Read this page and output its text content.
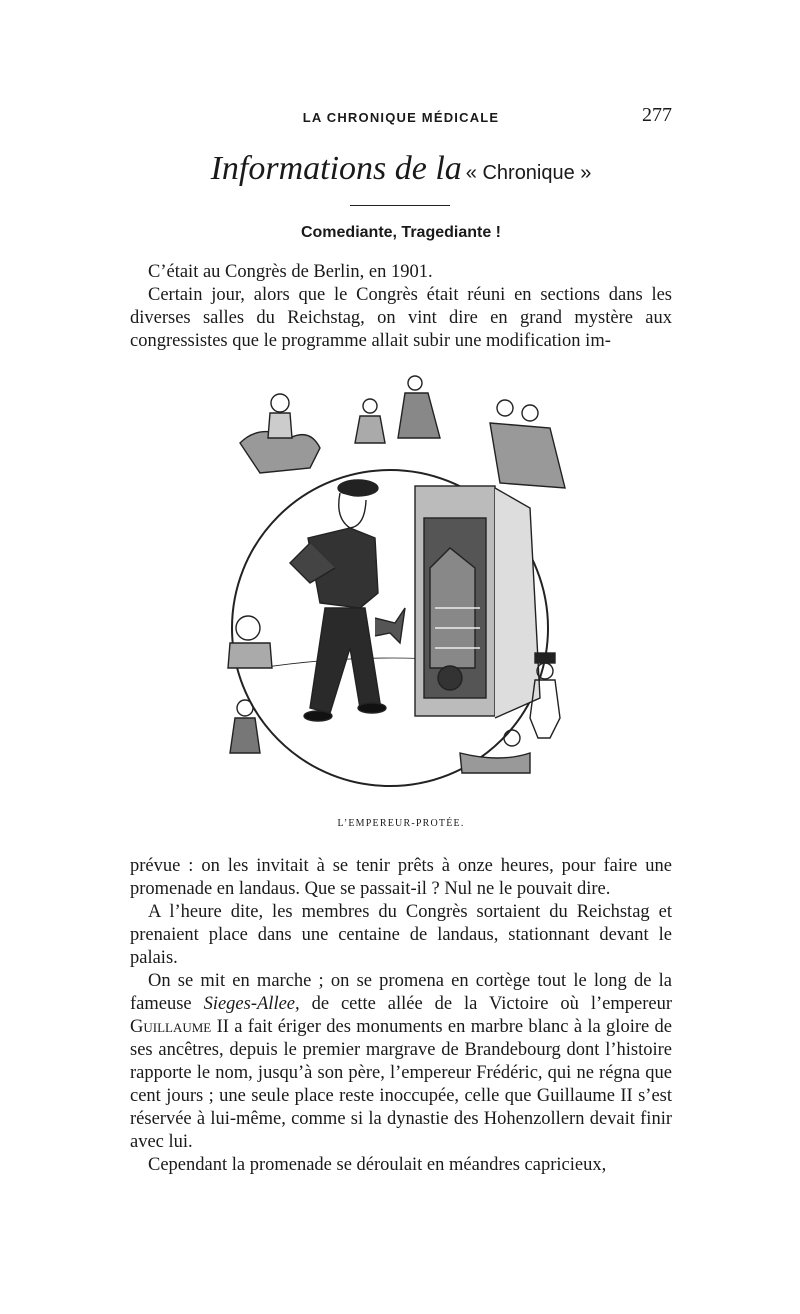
LA CHRONIQUE MÉDICALE	277
Informations de la « Chronique »
Comediante, Tragediante !

C’était au Congrès de Berlin, en 1901.

Certain jour, alors que le Congrès était réuni en sections dans les diverses salles du Reichstag, on vint dire en grand mystère aux congressistes que le programme allait subir une modification im-

L’EMPEREUR-PROTÉE.

prévue : on les invitait à se tenir prêts à onze heures, pour faire une promenade en landaus. Que se passait-il ? Nul ne le pouvait dire.

A l’heure dite, les membres du Congrès sortaient du Reichstag et prenaient place dans une centaine de landaus, stationnant devant le palais.

On se mit en marche ; on se promena en cortège tout le long de la fameuse Sieges-Allee, de cette allée de la Victoire où l’empereur Guillaume II a fait ériger des monuments en marbre blanc à la gloire de ses ancêtres, depuis le premier margrave de Brandebourg dont l’histoire rapporte le nom, jusqu’à son père, l’empereur Frédéric, qui ne régna que cent jours ; une seule place reste inoccupée, celle que Guillaume II s’est réservée à lui-même, comme si la dynastie des Hohenzollern devait finir avec lui.

Cependant la promenade se déroulait en méandres capricieux,
